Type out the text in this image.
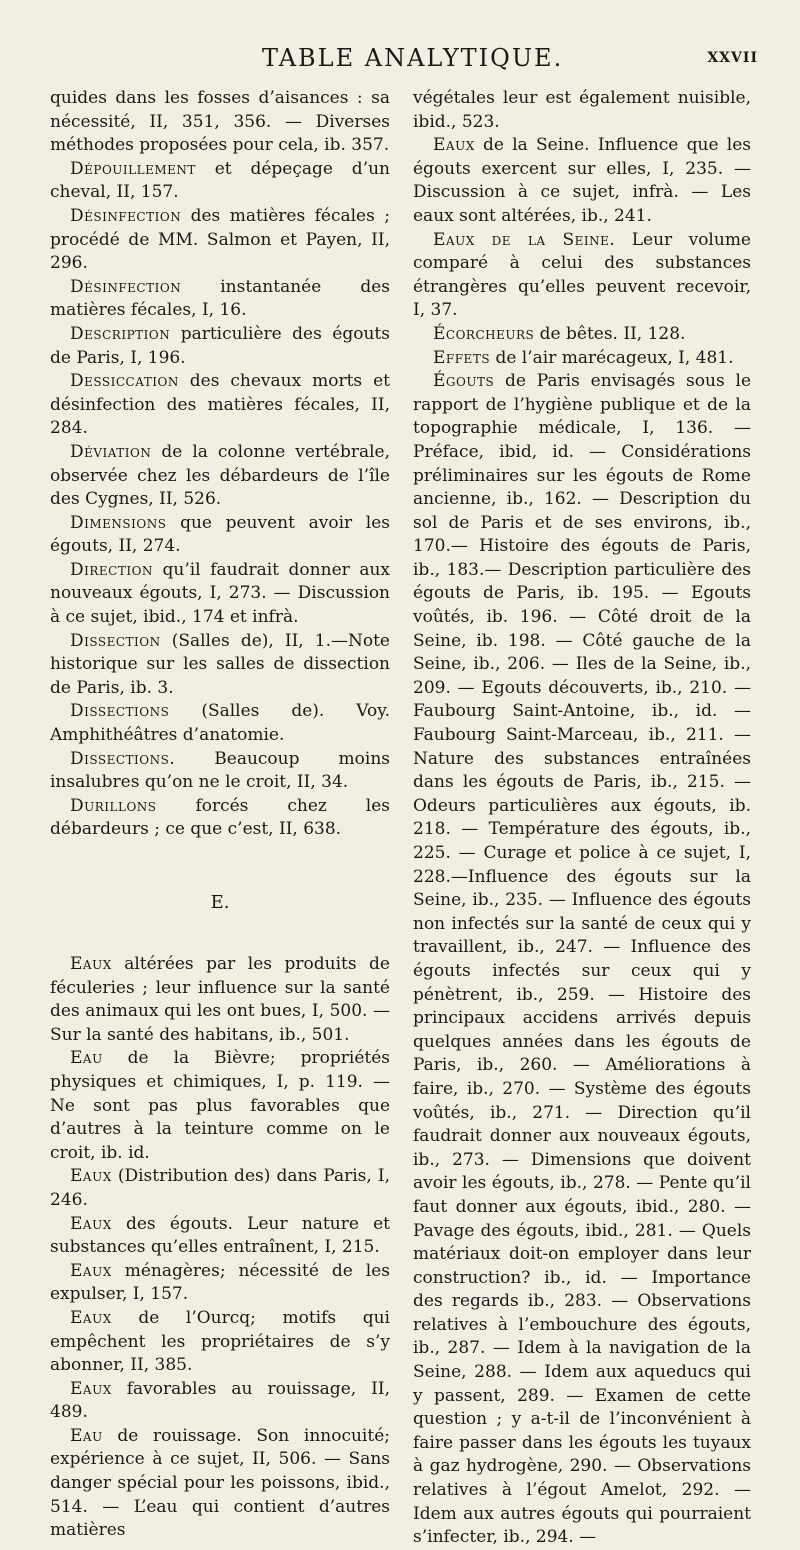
TABLE ANALYTIQUE.	XXVII

quides dans les fosses d’aisances : sa nécessité, II, 351, 356. — Diverses méthodes proposées pour cela, ib. 357.

Dépouillement et dépeçage d’un cheval, II, 157.

Désinfection des matières fécales ; procédé de MM. Salmon et Payen, II, 296.

Désinfection instantanée des matières fécales, I, 16.

Description particulière des égouts de Paris, I, 196.

Dessiccation des chevaux morts et désinfection des matières fécales, II, 284.

Déviation de la colonne vertébrale, observée chez les débardeurs de l’île des Cygnes, II, 526.

Dimensions que peuvent avoir les égouts, II, 274.

Direction qu’il faudrait donner aux nouveaux égouts, I, 273. — Discussion à ce sujet, ibid., 174 et infrà.

Dissection (Salles de), II, 1.—Note historique sur les salles de dissection de Paris, ib. 3.

Dissections (Salles de). Voy. Amphithéâtres d’anatomie.

Dissections. Beaucoup moins insalubres qu’on ne le croit, II, 34.

Durillons forcés chez les débardeurs ; ce que c’est, II, 638.

E.

Eaux altérées par les produits de féculeries ; leur influence sur la santé des animaux qui les ont bues, I, 500. — Sur la santé des habitans, ib., 501.

Eau de la Bièvre; propriétés physiques et chimiques, I, p. 119. — Ne sont pas plus favorables que d’autres à la teinture comme on le croit, ib. id.

Eaux (Distribution des) dans Paris, I, 246.

Eaux des égouts. Leur nature et substances qu’elles entraînent, I, 215.

Eaux ménagères; nécessité de les expulser, I, 157.

Eaux de l’Ourcq; motifs qui empêchent les propriétaires de s’y abonner, II, 385.

Eaux favorables au rouissage, II, 489.

Eau de rouissage. Son innocuité; expérience à ce sujet, II, 506. — Sans danger spécial pour les poissons, ibid., 514. — L’eau qui contient d’autres matières

végétales leur est également nuisible, ibid., 523.

Eaux de la Seine. Influence que les égouts exercent sur elles, I, 235. — Discussion à ce sujet, infrà. — Les eaux sont altérées, ib., 241.

Eaux de la Seine. Leur volume comparé à celui des substances étrangères qu’elles peuvent recevoir, I, 37.

Écorcheurs de bêtes. II, 128.

Effets de l’air marécageux, I, 481.

Égouts de Paris envisagés sous le rapport de l’hygiène publique et de la topographie médicale, I, 136. — Préface, ibid, id. — Considérations préliminaires sur les égouts de Rome ancienne, ib., 162. — Description du sol de Paris et de ses environs, ib., 170.— Histoire des égouts de Paris, ib., 183.— Description particulière des égouts de Paris, ib. 195. — Egouts voûtés, ib. 196. — Côté droit de la Seine, ib. 198. — Côté gauche de la Seine, ib., 206. — Iles de la Seine, ib., 209. — Egouts découverts, ib., 210. — Faubourg Saint-Antoine, ib., id. — Faubourg Saint-Marceau, ib., 211. — Nature des substances entraînées dans les égouts de Paris, ib., 215. — Odeurs particulières aux égouts, ib. 218. — Température des égouts, ib., 225. — Curage et police à ce sujet, I, 228.—Influence des égouts sur la Seine, ib., 235. — Influence des égouts non infectés sur la santé de ceux qui y travaillent, ib., 247. — Influence des égouts infectés sur ceux qui y pénètrent, ib., 259. — Histoire des principaux accidens arrivés depuis quelques années dans les égouts de Paris, ib., 260. — Améliorations à faire, ib., 270. — Système des égouts voûtés, ib., 271. — Direction qu’il faudrait donner aux nouveaux égouts, ib., 273. — Dimensions que doivent avoir les égouts, ib., 278. — Pente qu’il faut donner aux égouts, ibid., 280. — Pavage des égouts, ibid., 281. — Quels matériaux doit-on employer dans leur construction? ib., id. — Importance des regards ib., 283. — Observations relatives à l’embouchure des égouts, ib., 287. — Idem à la navigation de la Seine, 288. — Idem aux aqueducs qui y passent, 289. — Examen de cette question ; y a-t-il de l’inconvénient à faire passer dans les égouts les tuyaux à gaz hydrogène, 290. — Observations relatives à l’égout Amelot, 292. — Idem aux autres égouts qui pourraient s’infecter, ib., 294. —
